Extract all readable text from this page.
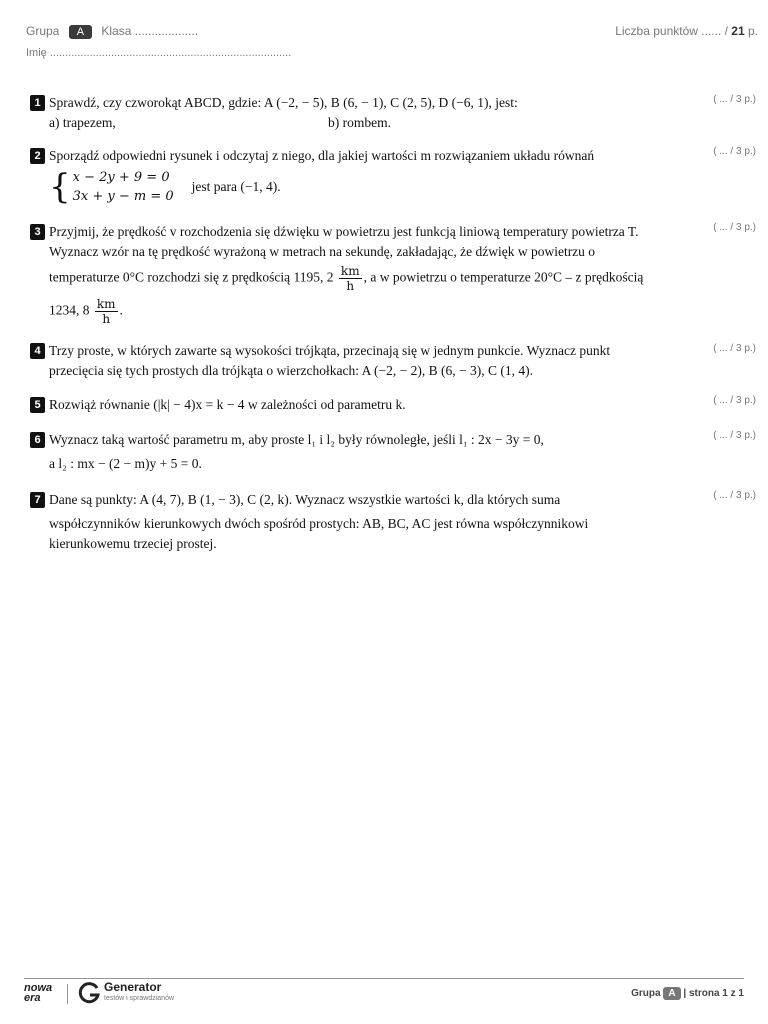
Grupa A Klasa ...................	Liczba punktów ...... / 21 p.
Imię ...............................................................................
1 Sprawdź, czy czworokąt ABCD, gdzie: A (−2, − 5), B (6, − 1), C (2, 5), D (−6, 1), jest:
a) trapezem,	b) rombem.
( ... / 3 p.)
2 Sporządź odpowiedni rysunek i odczytaj z niego, dla jakiej wartości m rozwiązaniem układu równań
{ x − 2y + 9 = 0
3x + y − m = 0
jest para (−1, 4).
( ... / 3 p.)
3 Przyjmij, że prędkość v rozchodzenia się dźwięku w powietrzu jest funkcją liniową temperatury powietrza T.
Wyznacz wzór na tę prędkość wyrażoną w metrach na sekundę, zakładając, że dźwięk w powietrzu o
temperaturze 0°C rozchodzi się z prędkością 1195, $2 \frac{km}{h}$ , a w powietrzu o temperaturze 20°C – z prędkością
1234, $8 \frac{km}{h}$ .
( ... / 3 p.)
4 Trzy proste, w których zawarte są wysokości trójkąta, przecinają się w jednym punkcie. Wyznacz punkt
przecięcia się tych prostych dla trójkąta o wierzchołkach: A (−2, − 2), B (6, − 3), C (1, 4).
( ... / 3 p.)
5 Rozwiąż równanie (|k| − 4)x = k − 4 w zależności od parametru k.	( ... / 3 p.)
6 Wyznacz taką wartość parametru m, aby proste l₁ i l₂ były równoległe, jeśli l₁ : 2x − 3y = 0,
a l₂ : mx − (2 − m)y + 5 = 0.
( ... / 3 p.)
7 Dane są punkty: A (4, 7), B (1, − 3), C (2, k). Wyznacz wszystkie wartości k, dla których suma
współczynników kierunkowych dwóch spośród prostych: AB, BC, AC jest równa współczynnikowi
kierunkowemu trzeciej prostej.
( ... / 3 p.)
nowa era
Generator
testów i sprawdzianów	Grupa A | strona 1 z 1
